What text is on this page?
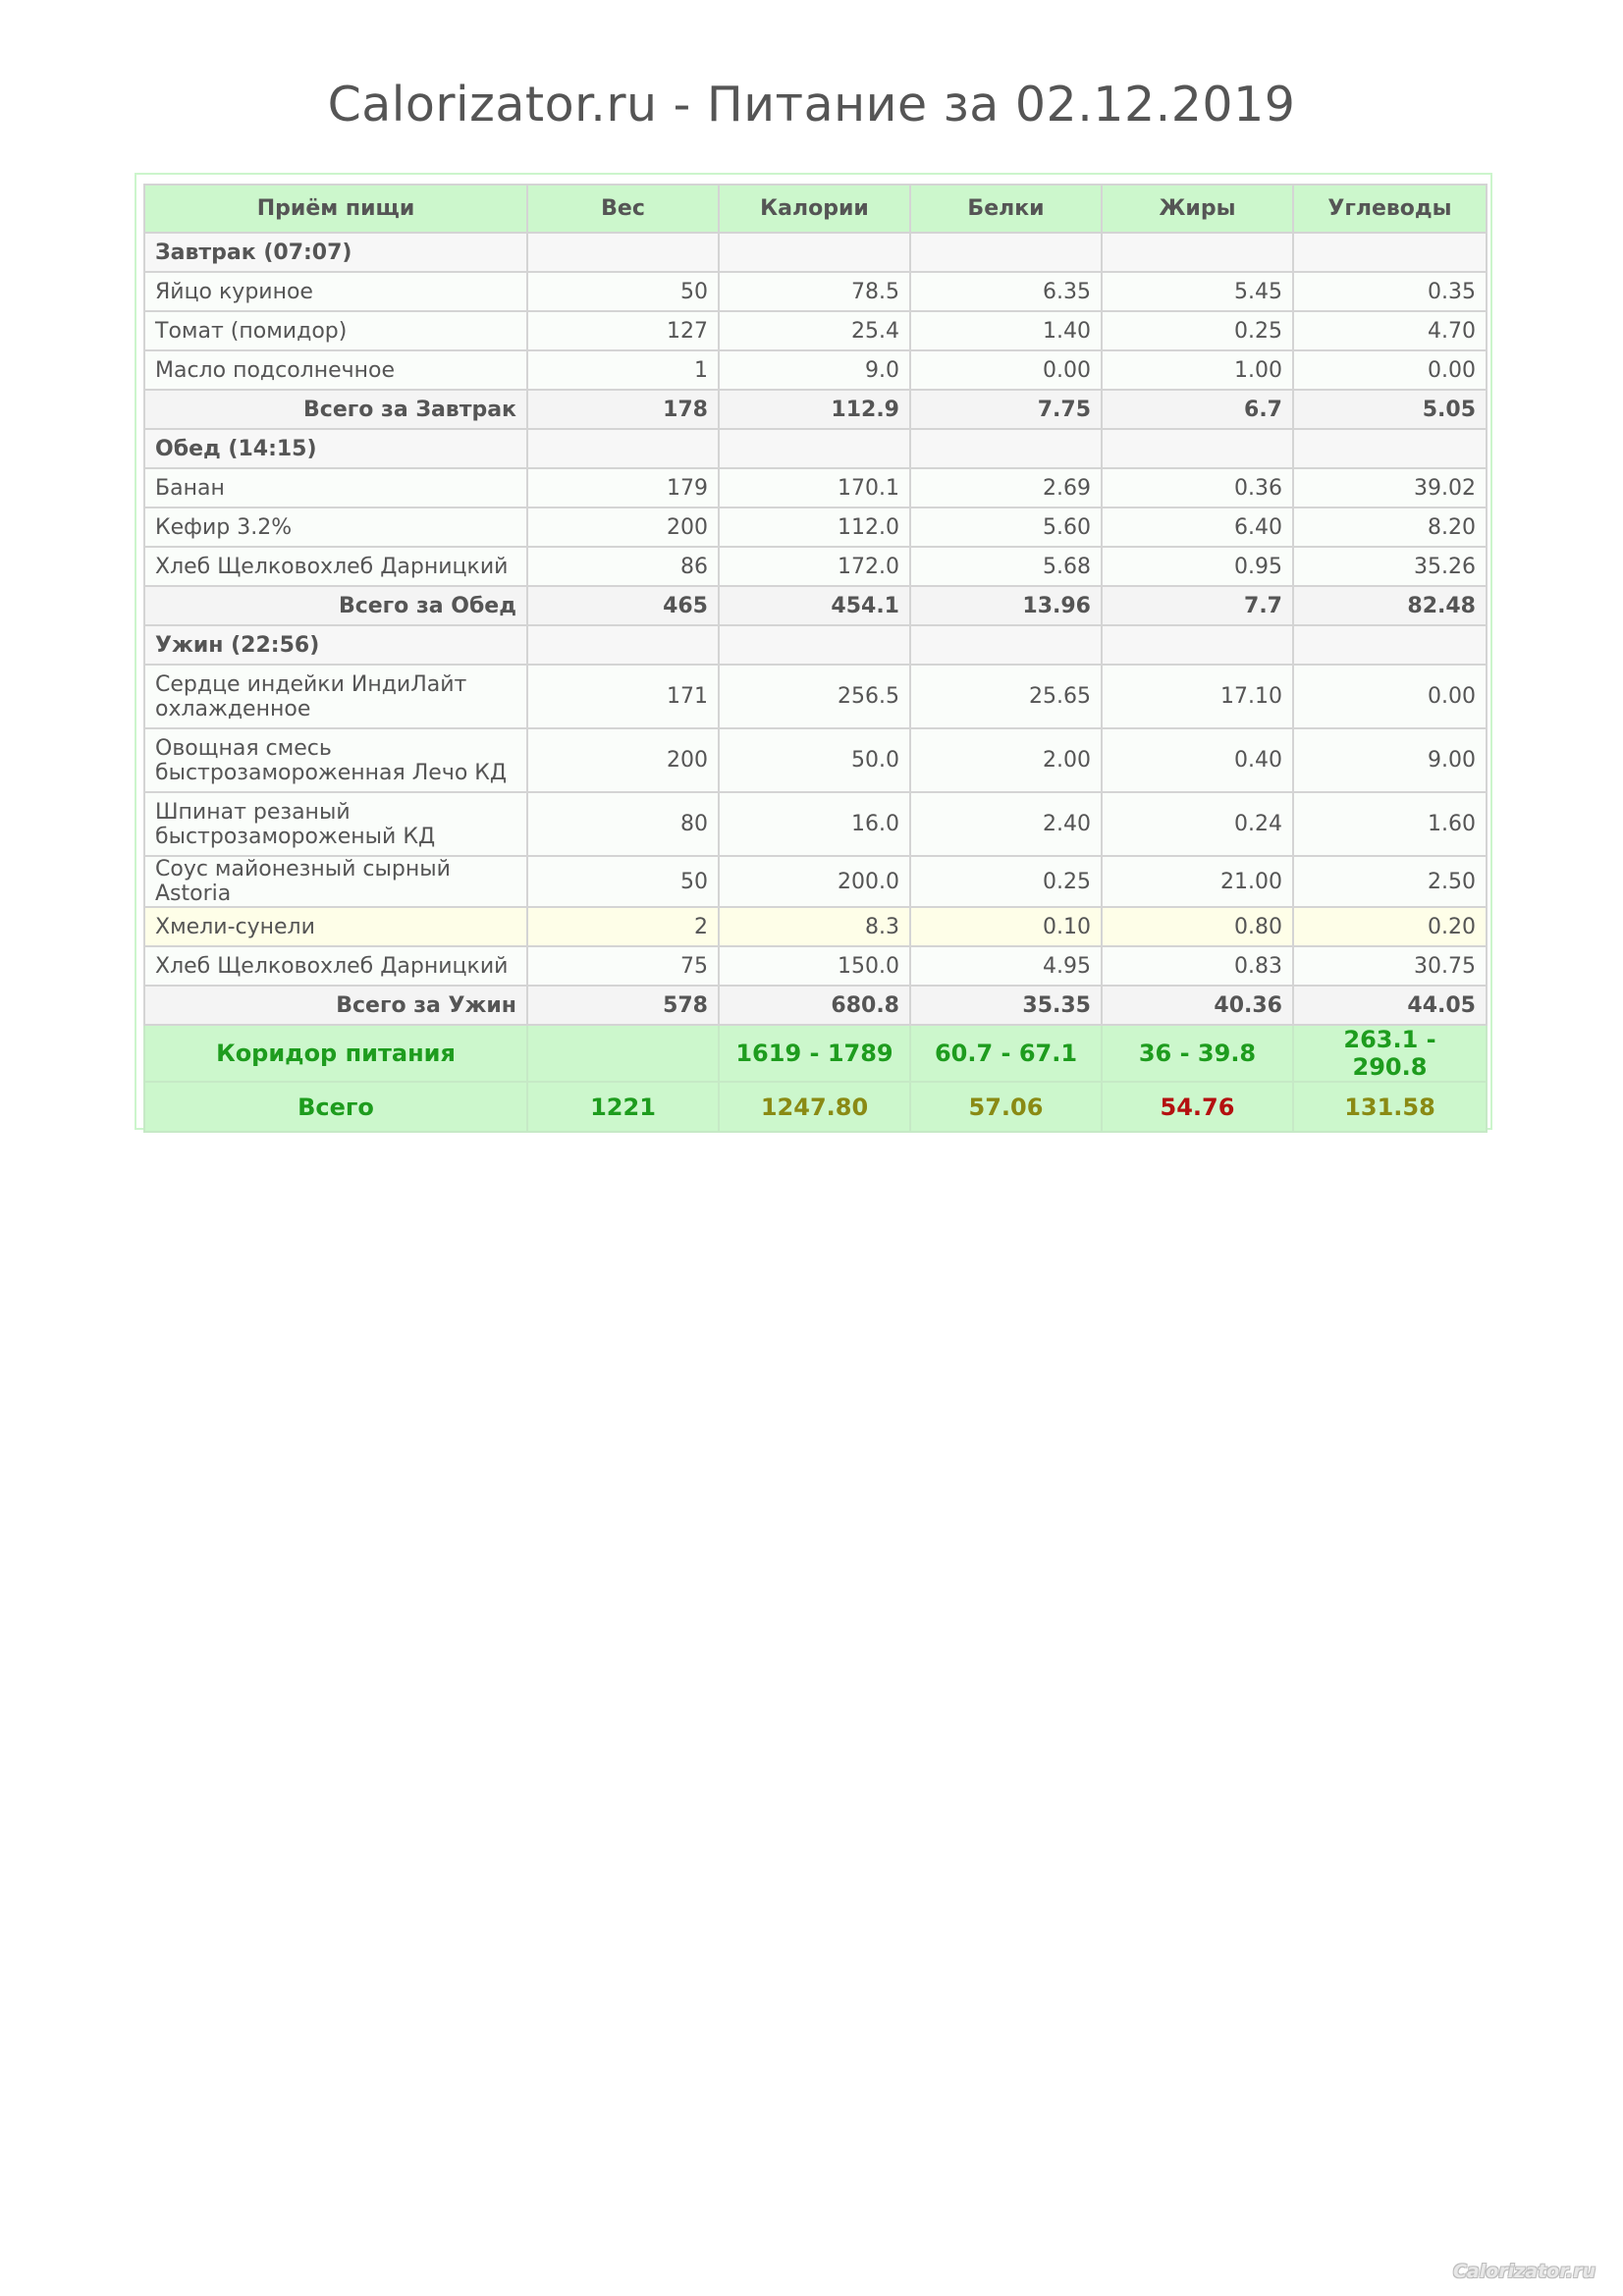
Calorizator.ru - Питание за 02.12.2019
Приём пищи	Вес	Калории	Белки	Жиры	Углеводы
Завтрак (07:07)					
Яйцо куриное	50	78.5	6.35	5.45	0.35
Томат (помидор)	127	25.4	1.40	0.25	4.70
Масло подсолнечное	1	9.0	0.00	1.00	0.00
Всего за Завтрак	178	112.9	7.75	6.7	5.05
Обед (14:15)					
Банан	179	170.1	2.69	0.36	39.02
Кефир 3.2%	200	112.0	5.60	6.40	8.20
Хлеб Щелковохлеб Дарницкий	86	172.0	5.68	0.95	35.26
Всего за Обед	465	454.1	13.96	7.7	82.48
Ужин (22:56)					
Сердце индейки ИндиЛайт охлажденное	171	256.5	25.65	17.10	0.00
Овощная смесь быстрозамороженная Лечо КД	200	50.0	2.00	0.40	9.00
Шпинат резаный быстрозамороженый КД	80	16.0	2.40	0.24	1.60
Соус майонезный сырный Astoria	50	200.0	0.25	21.00	2.50
Хмели-сунели	2	8.3	0.10	0.80	0.20
Хлеб Щелковохлеб Дарницкий	75	150.0	4.95	0.83	30.75
Всего за Ужин	578	680.8	35.35	40.36	44.05
Коридор питания		1619 - 1789	60.7 - 67.1	36 - 39.8	263.1 - 290.8
Всего	1221	1247.80	57.06	54.76	131.58
Calorizator.ru
